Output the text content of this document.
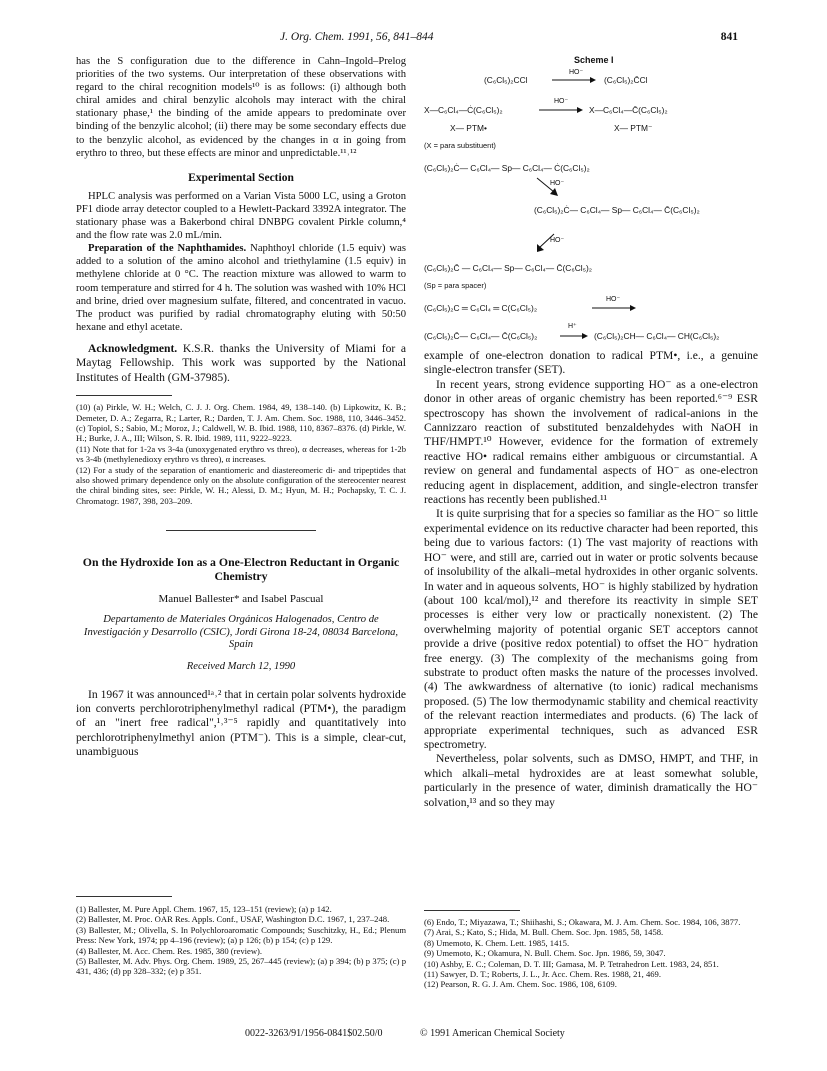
J. Org. Chem. 1991, 56, 841–844	841

has the S configuration due to the difference in Cahn–Ingold–Prelog priorities of the two systems. Our interpretation of these observations with regard to the chiral recognition models¹⁰ is as follows: (i) although both chiral amides and chiral benzylic alcohols may interact with the chiral stationary phase,¹ the binding of the amide appears to predominate over binding of the benzylic alcohol; (ii) there may be some secondary effects due to the benzylic alcohol, as evidenced by the changes in α in going from erythro to threo, but these effects are minor and unpredictable.¹¹˒¹²

Experimental Section

HPLC analysis was performed on a Varian Vista 5000 LC, using a Groton PF1 diode array detector coupled to a Hewlett-Packard 3392A integrator. The stationary phase was a Bakerbond chiral DNBPG covalent Pirkle column,⁴ and the flow rate was 2.0 mL/min.

Preparation of the Naphthamides. Naphthoyl chloride (1.5 equiv) was added to a solution of the amino alcohol and triethylamine (1.5 equiv) in methylene chloride at 0 °C. The reaction mixture was allowed to warm to room temperature and stirred for 4 h. The solution was washed with 10% HCl and brine, dried over magnesium sulfate, filtered, and concentrated in vacuo. The product was purified by radial chromatography eluting with 50:50 hexane and ethyl acetate.

Acknowledgment. K.S.R. thanks the University of Miami for a Maytag Fellowship. This work was supported by the National Institutes of Health (GM-37985).

(10) (a) Pirkle, W. H.; Welch, C. J. J. Org. Chem. 1984, 49, 138–140. (b) Lipkowitz, K. B.; Demeter, D. A.; Zegarra, R.; Larter, R.; Darden, T. J. Am. Chem. Soc. 1988, 110, 3446–3452. (c) Topiol, S.; Sabio, M.; Moroz, J.; Caldwell, W. B. Ibid. 1988, 110, 8367–8376. (d) Pirkle, W. H.; Burke, J. A., III; Wilson, S. R. Ibid. 1989, 111, 9222–9223.

(11) Note that for 1-2a vs 3-4a (unoxygenated erythro vs threo), α decreases, whereas for 1-2b vs 3-4b (methylenedioxy erythro vs threo), α increases.

(12) For a study of the separation of enantiomeric and diastereomeric di- and tripeptides that also showed primary dependence only on the absolute configuration of the stereocenter nearest the chiral binding sites, see: Pirkle, W. H.; Alessi, D. M.; Hyun, M. H.; Pochapsky, T. C. J. Chromatogr. 1987, 398, 203–209.

On the Hydroxide Ion as a One-Electron Reductant in Organic Chemistry
Manuel Ballester* and Isabel Pascual
Departamento de Materiales Orgánicos Halogenados, Centro de Investigación y Desarrollo (CSIC), Jordi Girona 18-24, 08034 Barcelona, Spain
Received March 12, 1990

In 1967 it was announced¹ᵃ˒² that in certain polar solvents hydroxide ion converts perchlorotriphenylmethyl radical (PTM•), the paradigm of an "inert free radical",¹˒³⁻⁵ rapidly and quantitatively into perchlorotriphenylmethyl anion (PTM⁻). This is a simple, clear-cut, unambiguous

(1) Ballester, M. Pure Appl. Chem. 1967, 15, 123–151 (review); (a) p 142.

(2) Ballester, M. Proc. OAR Res. Appls. Conf., USAF, Washington D.C. 1967, 1, 237–248.

(3) Ballester, M.; Olivella, S. In Polychloroaromatic Compounds; Suschitzky, H., Ed.; Plenum Press: New York, 1974; pp 4–196 (review); (a) p 126; (b) p 154; (c) p 129.

(4) Ballester, M. Acc. Chem. Res. 1985, 380 (review).

(5) Ballester, M. Adv. Phys. Org. Chem. 1989, 25, 267–445 (review); (a) p 394; (b) p 375; (c) p 431, 436; (d) pp 328–332; (e) p 351.

Scheme I
(C₆Cl₅)₂CCl
HO⁻
(C₆Cl₅)₂C̄Cl
X—C₆Cl₄—Ċ(C₆Cl₅)₂
HO⁻
X—C₆Cl₄—C̄(C₆Cl₅)₂
X— PTM•	X— PTM⁻
(X = para substituent)
(C₆Cl₅)₂Ċ— C₆Cl₄— Sp— C₆Cl₄— Ċ(C₆Cl₅)₂
HO⁻
(C₆Cl₅)₂Ċ— C₆Cl₄— Sp— C₆Cl₄— C̄(C₆Cl₅)₂
HO⁻
(C₆Cl₅)₂C̄ — C₆Cl₄— Sp— C₆Cl₄— C̄(C₆Cl₅)₂
(Sp = para spacer)
(C₆Cl₅)₂C ═ C₆Cl₄ ═ C(C₆Cl₅)₂
HO⁻
(C₆Cl₅)₂C̄— C₆Cl₄— C̄(C₆Cl₅)₂
H⁺
→ (C₆Cl₅)₂CH— C₆Cl₄— CH(C₆Cl₅)₂

example of one-electron donation to radical PTM•, i.e., a genuine single-electron transfer (SET).

In recent years, strong evidence supporting HO⁻ as a one-electron donor in other areas of organic chemistry has been reported.⁶⁻⁹ ESR spectroscopy has shown the involvement of radical-anions in the Cannizzaro reaction of substituted benzaldehydes with NaOH in THF/HMPT.¹⁰ However, evidence for the formation of extremely reactive HO• radical remains either ambiguous or circumstantial. A review on general and fundamental aspects of HO⁻ as one-electron reducing agent in displacement, addition, and single-electron transfer reactions has recently been published.¹¹

It is quite surprising that for a species so familiar as the HO⁻ so little experimental evidence on its reductive character had been reported, this being due to various factors: (1) The vast majority of reactions with HO⁻ were, and still are, carried out in water or protic solvents because of insolubility of the alkali–metal hydroxides in other organic solvents. In water and in aqueous solvents, HO⁻ is highly stabilized by hydration (about 100 kcal/mol),¹² and therefore its reactivity in simple SET processes is either very low or practically nonexistent. (2) The overwhelming majority of potential organic SET acceptors cannot provide a drive (positive redox potential) to offset the HO⁻ hydration free energy. (3) The complexity of the mechanisms going from substrate to product often masks the nature of the processes involved. (4) The awkwardness of alternative (to ionic) radical mechanisms proposed. (5) The low thermodynamic stability and chemical reactivity of the relevant reaction intermediates and products. (6) The lack of appropriate experimental techniques, such as advanced ESR spectrometry.

Nevertheless, polar solvents, such as DMSO, HMPT, and THF, in which alkali–metal hydroxides are at least somewhat soluble, particularly in the presence of water, diminish dramatically the HO⁻ solvation,¹³ and so they may

(6) Endo, T.; Miyazawa, T.; Shiihashi, S.; Okawara, M. J. Am. Chem. Soc. 1984, 106, 3877.

(7) Arai, S.; Kato, S.; Hida, M. Bull. Chem. Soc. Jpn. 1985, 58, 1458.

(8) Umemoto, K. Chem. Lett. 1985, 1415.

(9) Umemoto, K.; Okamura, N. Bull. Chem. Soc. Jpn. 1986, 59, 3047.

(10) Ashby, E. C.; Coleman, D. T. III; Gamasa, M. P. Tetrahedron Lett. 1983, 24, 851.

(11) Sawyer, D. T.; Roberts, J. L., Jr. Acc. Chem. Res. 1988, 21, 469.

(12) Pearson, R. G. J. Am. Chem. Soc. 1986, 108, 6109.

0022-3263/91/1956-0841$02.50/0	© 1991 American Chemical Society
